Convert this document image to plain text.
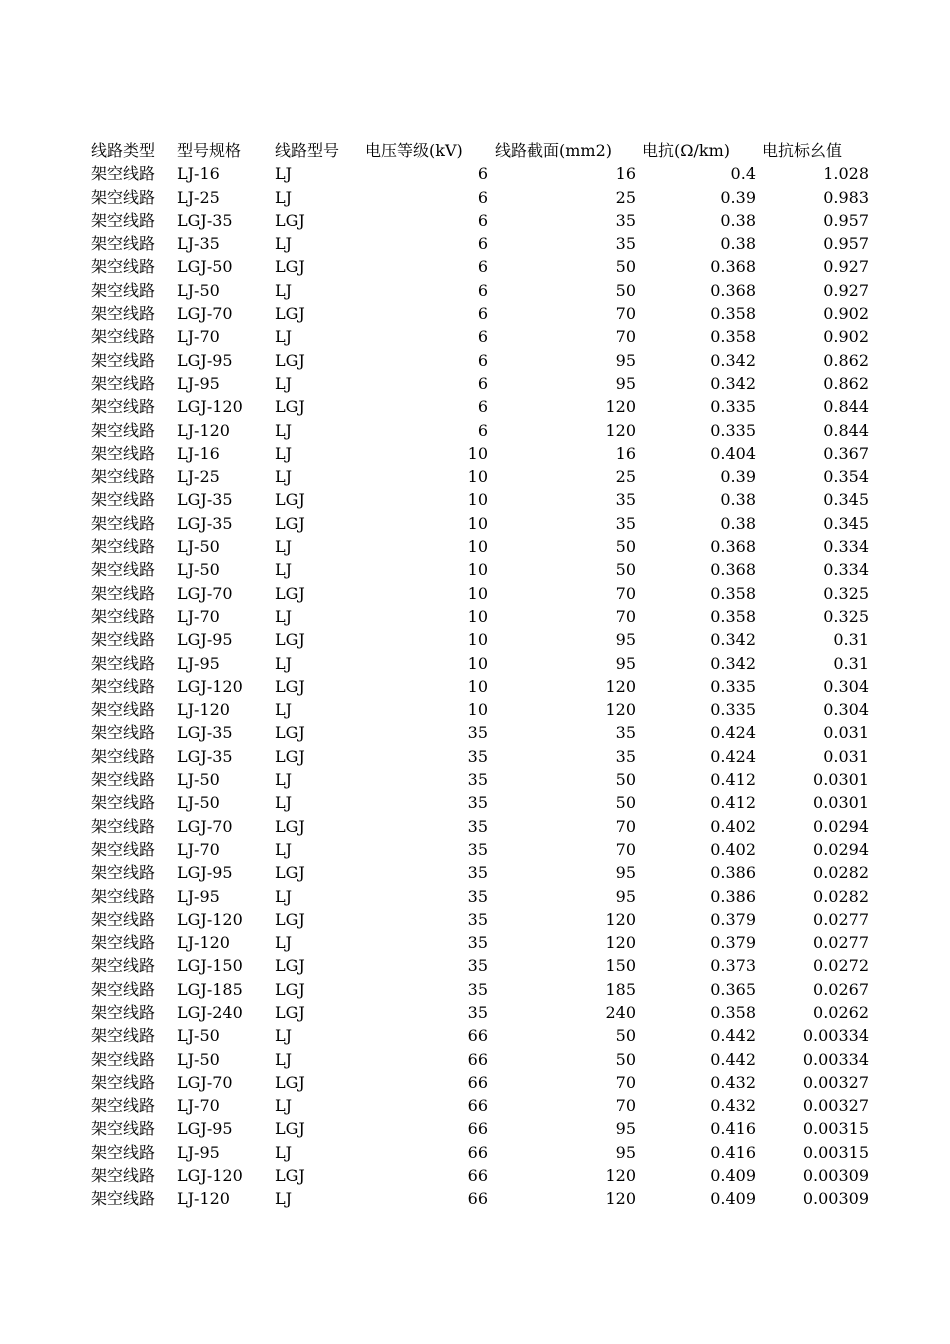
线路类型	型号规格	线路型号	电压等级(kV)	线路截面(mm2)	电抗(Ω/km)	电抗标幺值
架空线路	LJ-16	LJ	6	16	0.4	1.028
架空线路	LJ-25	LJ	6	25	0.39	0.983
架空线路	LGJ-35	LGJ	6	35	0.38	0.957
架空线路	LJ-35	LJ	6	35	0.38	0.957
架空线路	LGJ-50	LGJ	6	50	0.368	0.927
架空线路	LJ-50	LJ	6	50	0.368	0.927
架空线路	LGJ-70	LGJ	6	70	0.358	0.902
架空线路	LJ-70	LJ	6	70	0.358	0.902
架空线路	LGJ-95	LGJ	6	95	0.342	0.862
架空线路	LJ-95	LJ	6	95	0.342	0.862
架空线路	LGJ-120	LGJ	6	120	0.335	0.844
架空线路	LJ-120	LJ	6	120	0.335	0.844
架空线路	LJ-16	LJ	10	16	0.404	0.367
架空线路	LJ-25	LJ	10	25	0.39	0.354
架空线路	LGJ-35	LGJ	10	35	0.38	0.345
架空线路	LGJ-35	LGJ	10	35	0.38	0.345
架空线路	LJ-50	LJ	10	50	0.368	0.334
架空线路	LJ-50	LJ	10	50	0.368	0.334
架空线路	LGJ-70	LGJ	10	70	0.358	0.325
架空线路	LJ-70	LJ	10	70	0.358	0.325
架空线路	LGJ-95	LGJ	10	95	0.342	0.31
架空线路	LJ-95	LJ	10	95	0.342	0.31
架空线路	LGJ-120	LGJ	10	120	0.335	0.304
架空线路	LJ-120	LJ	10	120	0.335	0.304
架空线路	LGJ-35	LGJ	35	35	0.424	0.031
架空线路	LGJ-35	LGJ	35	35	0.424	0.031
架空线路	LJ-50	LJ	35	50	0.412	0.0301
架空线路	LJ-50	LJ	35	50	0.412	0.0301
架空线路	LGJ-70	LGJ	35	70	0.402	0.0294
架空线路	LJ-70	LJ	35	70	0.402	0.0294
架空线路	LGJ-95	LGJ	35	95	0.386	0.0282
架空线路	LJ-95	LJ	35	95	0.386	0.0282
架空线路	LGJ-120	LGJ	35	120	0.379	0.0277
架空线路	LJ-120	LJ	35	120	0.379	0.0277
架空线路	LGJ-150	LGJ	35	150	0.373	0.0272
架空线路	LGJ-185	LGJ	35	185	0.365	0.0267
架空线路	LGJ-240	LGJ	35	240	0.358	0.0262
架空线路	LJ-50	LJ	66	50	0.442	0.00334
架空线路	LJ-50	LJ	66	50	0.442	0.00334
架空线路	LGJ-70	LGJ	66	70	0.432	0.00327
架空线路	LJ-70	LJ	66	70	0.432	0.00327
架空线路	LGJ-95	LGJ	66	95	0.416	0.00315
架空线路	LJ-95	LJ	66	95	0.416	0.00315
架空线路	LGJ-120	LGJ	66	120	0.409	0.00309
架空线路	LJ-120	LJ	66	120	0.409	0.00309
